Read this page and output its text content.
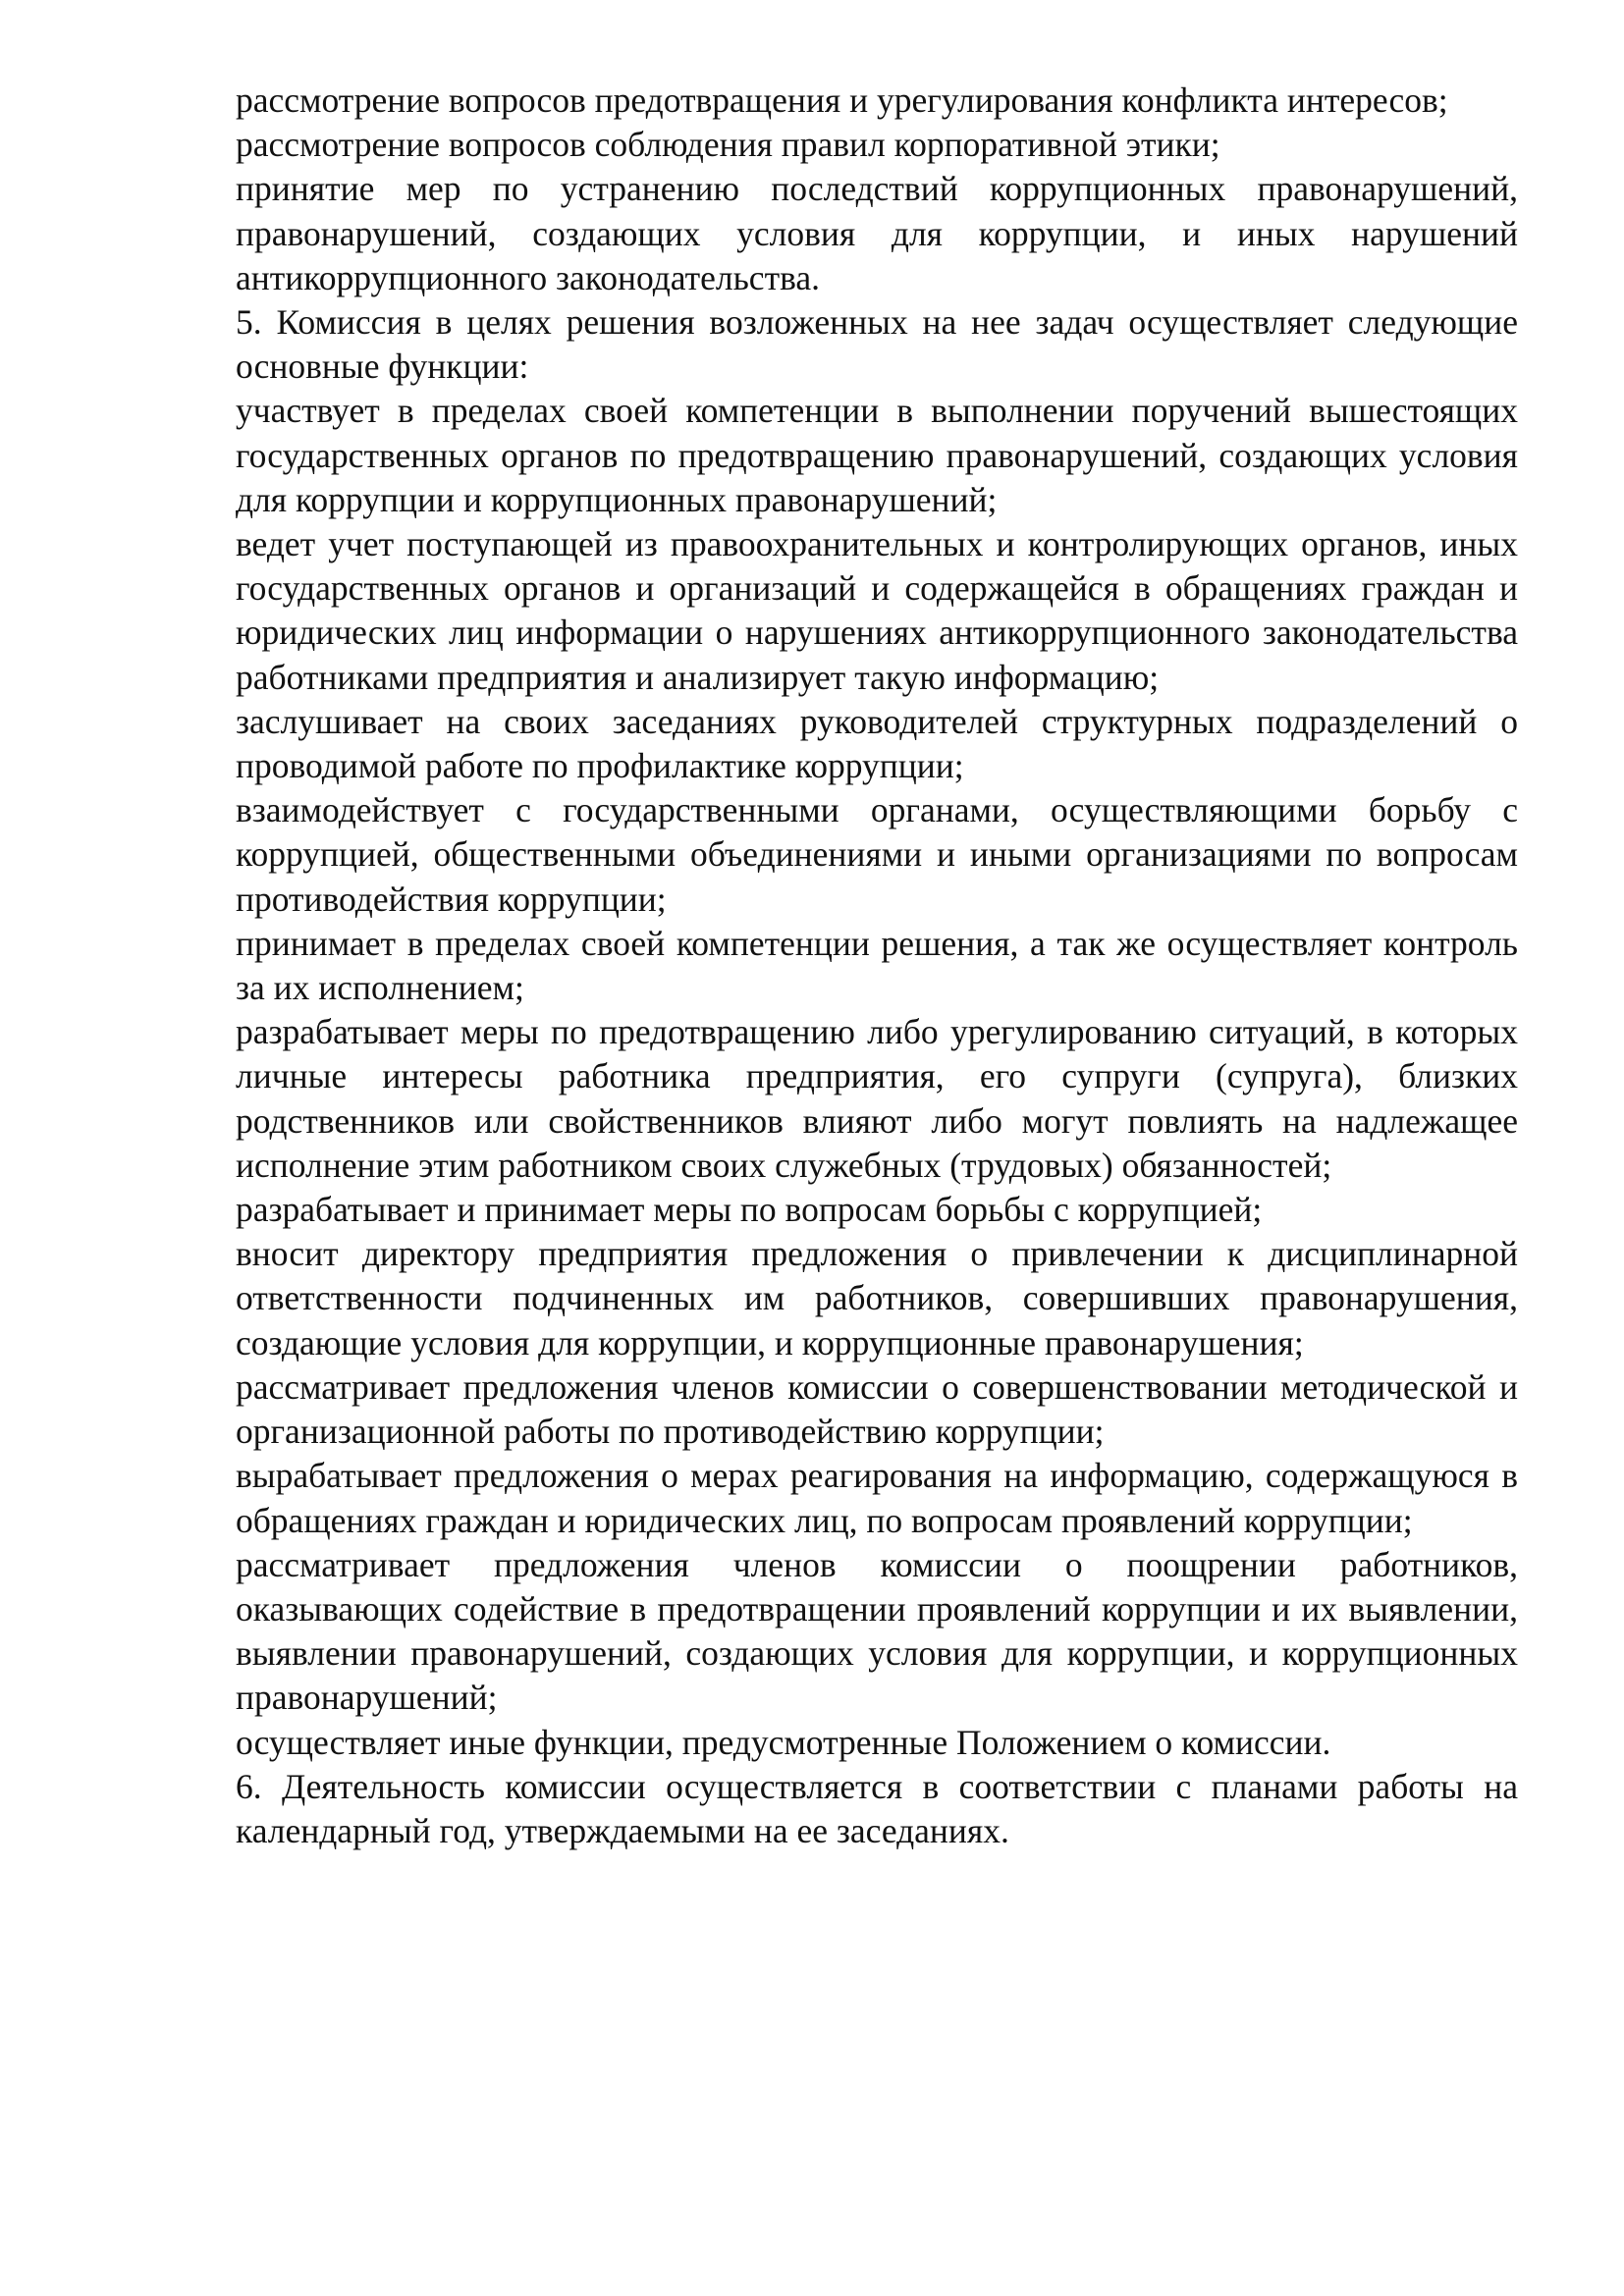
рассмотрение вопросов предотвращения и урегулирования конфликта интересов;

рассмотрение вопросов соблюдения правил корпоративной этики;

принятие мер по устранению последствий коррупционных правонарушений, правонарушений, создающих условия для коррупции, и иных нарушений антикоррупционного законодательства.

5. Комиссия в целях решения возложенных на нее задач осуществляет следующие основные функции:

участвует в пределах своей компетенции в выполнении поручений вышестоящих государственных органов по предотвращению правонарушений, создающих условия для коррупции и коррупционных правонарушений;

ведет учет поступающей из правоохранительных и контролирующих органов, иных государственных органов и организаций и содержащейся в обращениях граждан и юридических лиц информации о нарушениях антикоррупционного законодательства работниками предприятия и анализирует такую информацию;

заслушивает на своих заседаниях руководителей структурных подразделений о проводимой работе по профилактике коррупции;

взаимодействует с государственными органами, осуществляющими борьбу с коррупцией, общественными объединениями и иными организациями по вопросам противодействия коррупции;

принимает в пределах своей компетенции решения, а так же осуществляет контроль за их исполнением;

разрабатывает меры по предотвращению либо урегулированию ситуаций, в которых личные интересы работника предприятия, его супруги (супруга), близких родственников или свойственников влияют либо могут повлиять на надлежащее исполнение этим работником своих служебных (трудовых) обязанностей;

разрабатывает и принимает меры по вопросам борьбы с коррупцией;

вносит директору предприятия предложения о привлечении к дисциплинарной ответственности подчиненных им работников, совершивших правонарушения, создающие условия для коррупции, и коррупционные правонарушения;

рассматривает предложения членов комиссии о совершенствовании методической и организационной работы по противодействию коррупции;

вырабатывает предложения о мерах реагирования на информацию, содержащуюся в обращениях граждан и юридических лиц, по вопросам проявлений коррупции;

рассматривает предложения членов комиссии о поощрении работников, оказывающих содействие в предотвращении проявлений коррупции и их выявлении, выявлении правонарушений, создающих условия для коррупции, и коррупционных правонарушений;

осуществляет иные функции, предусмотренные Положением о комиссии.

6. Деятельность комиссии осуществляется в соответствии с планами работы на календарный год, утверждаемыми на ее заседаниях.
